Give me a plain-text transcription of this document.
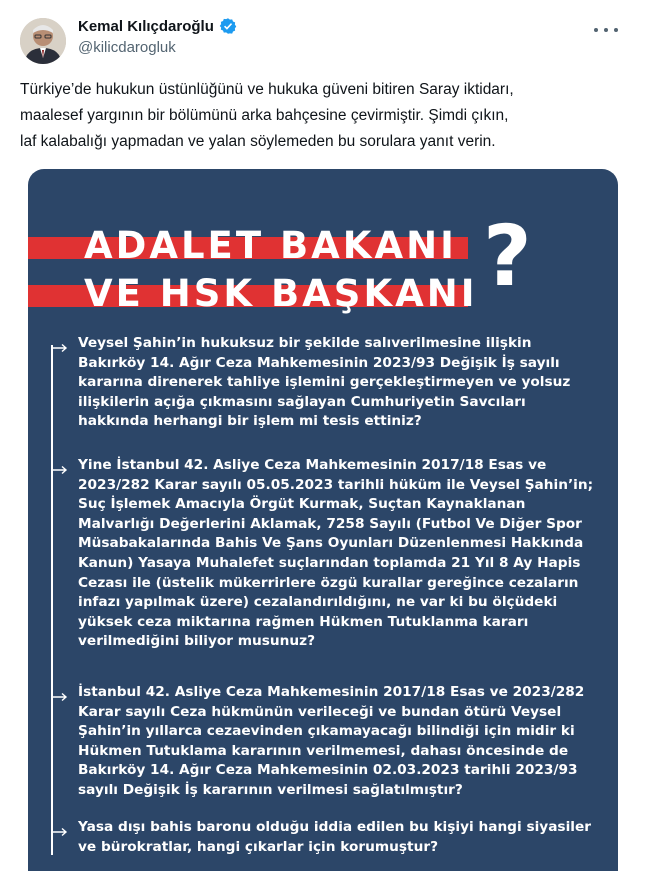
Kemal Kılıçdaroğlu
@kilicdarogluk
Türkiye’de hukukun üstünlüğünü ve hukuka güveni bitiren Saray iktidarı,
maalesef yargının bir bölümünü arka bahçesine çevirmiştir. Şimdi çıkın,
laf kalabalığı yapmadan ve yalan söylemeden bu sorulara yanıt verin.
ADALET BAKANI
VE HSK BAŞKANI ?
Veysel Şahin’in hukuksuz bir şekilde salıverilmesine ilişkin
Bakırköy 14. Ağır Ceza Mahkemesinin 2023/93 Değişik İş sayılı
kararına direnerek tahliye işlemini gerçekleştirmeyen ve yolsuz
ilişkilerin açığa çıkmasını sağlayan Cumhuriyetin Savcıları
hakkında herhangi bir işlem mi tesis ettiniz?
Yine İstanbul 42. Asliye Ceza Mahkemesinin 2017/18 Esas ve
2023/282 Karar sayılı 05.05.2023 tarihli hüküm ile Veysel Şahin’in;
Suç İşlemek Amacıyla Örgüt Kurmak, Suçtan Kaynaklanan
Malvarlığı Değerlerini Aklamak, 7258 Sayılı (Futbol Ve Diğer Spor
Müsabakalarında Bahis Ve Şans Oyunları Düzenlenmesi Hakkında
Kanun) Yasaya Muhalefet suçlarından toplamda 21 Yıl 8 Ay Hapis
Cezası ile (üstelik mükerrirlere özgü kurallar gereğince cezaların
infazı yapılmak üzere) cezalandırıldığını, ne var ki bu ölçüdeki
yüksek ceza miktarına rağmen Hükmen Tutuklanma kararı
verilmediğini biliyor musunuz?
İstanbul 42. Asliye Ceza Mahkemesinin 2017/18 Esas ve 2023/282
Karar sayılı Ceza hükmünün verileceği ve bundan ötürü Veysel
Şahin’in yıllarca cezaevinden çıkamayacağı bilindiği için midir ki
Hükmen Tutuklama kararının verilmemesi, dahası öncesinde de
Bakırköy 14. Ağır Ceza Mahkemesinin 02.03.2023 tarihli 2023/93
sayılı Değişik İş kararının verilmesi sağlatılmıştır?
Yasa dışı bahis baronu olduğu iddia edilen bu kişiyi hangi siyasiler
ve bürokratlar, hangi çıkarlar için korumuştur?
